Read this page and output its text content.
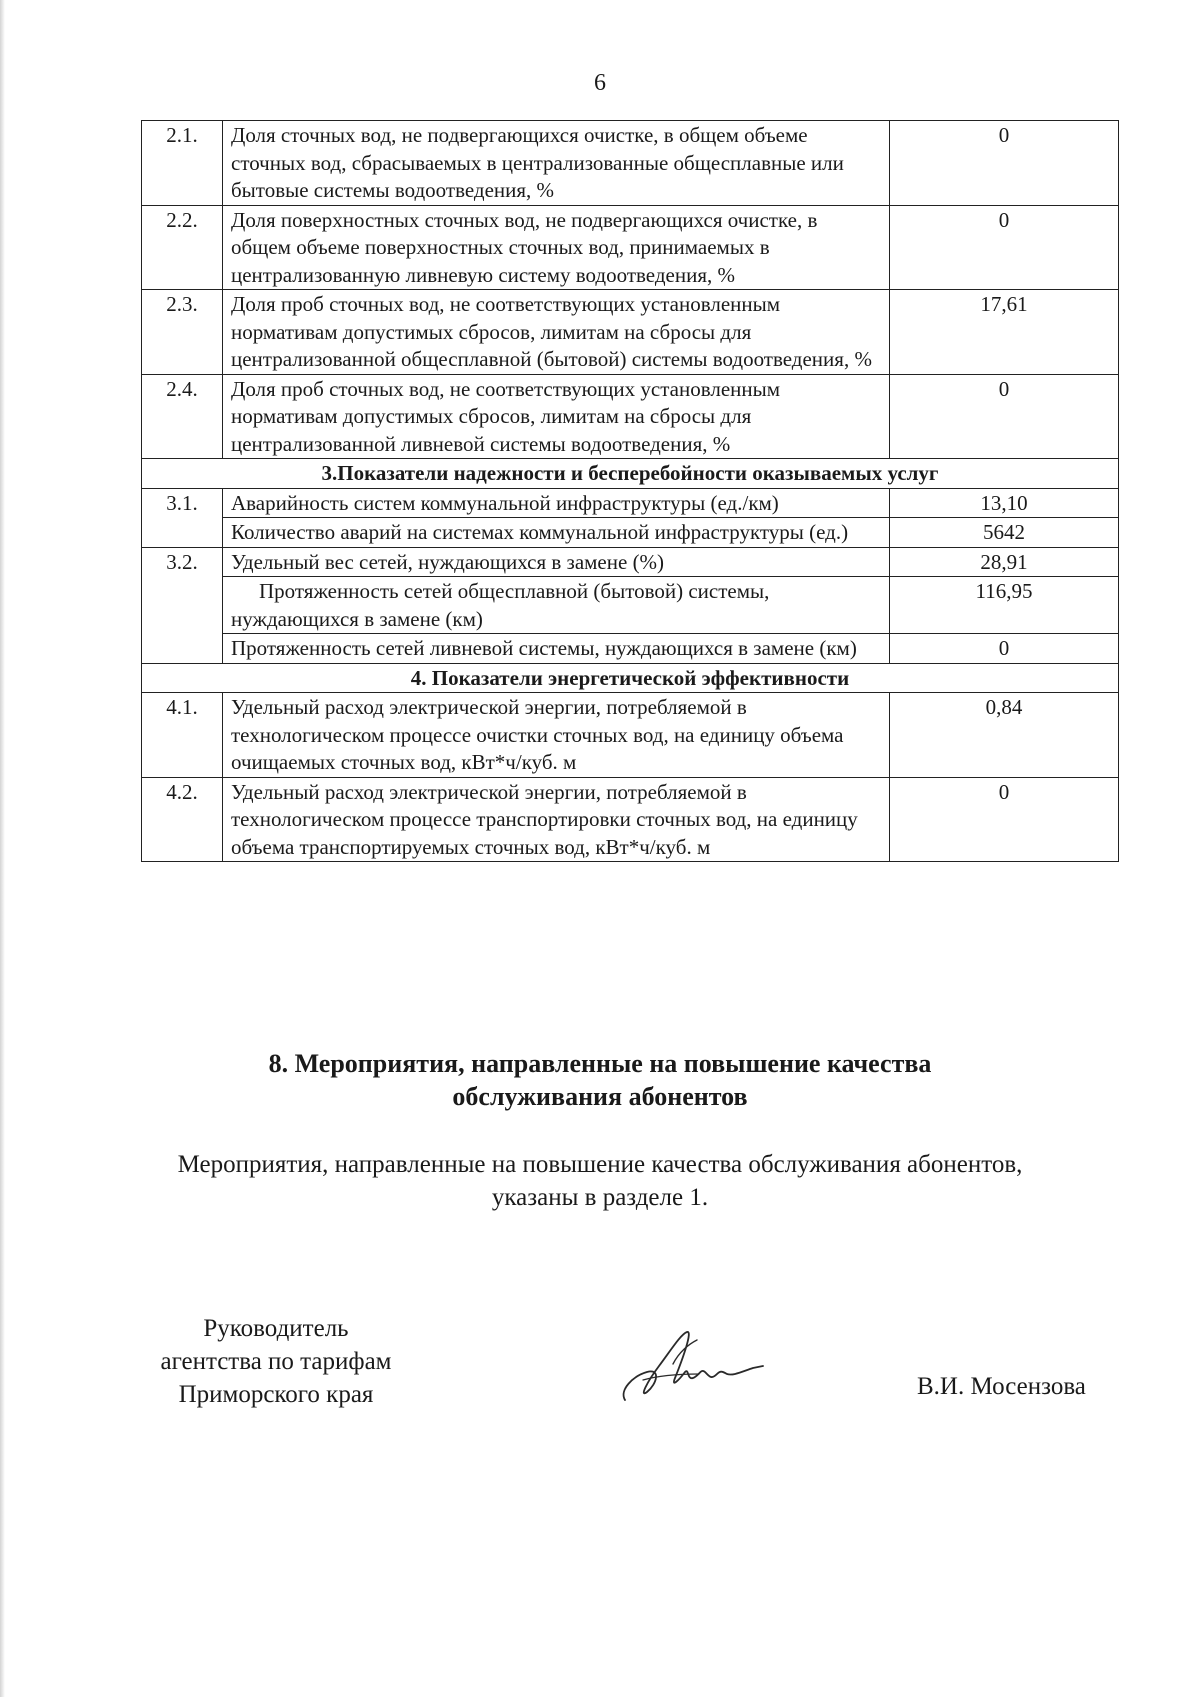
6
2.1.	Доля сточных вод, не подвергающихся очистке, в общем объеме сточных вод, сбрасываемых в централизованные общесплавные или бытовые системы водоотведения, %	0
2.2.	Доля поверхностных сточных вод, не подвергающихся очистке, в общем объеме поверхностных сточных вод, принимаемых в централизованную ливневую систему водоотведения, %	0
2.3.	Доля проб сточных вод, не соответствующих установленным нормативам допустимых сбросов, лимитам на сбросы для централизованной общесплавной (бытовой) системы водоотведения, %	17,61
2.4.	Доля проб сточных вод, не соответствующих установленным нормативам допустимых сбросов, лимитам на сбросы для централизованной ливневой системы водоотведения, %	0
3.Показатели надежности и бесперебойности оказываемых услуг		
3.1.	Аварийность систем коммунальной инфраструктуры (ед./км)	13,10
	Количество аварий на системах коммунальной инфраструктуры (ед.)	5642
3.2.	Удельный вес сетей, нуждающихся в замене (%)	28,91
	Протяженность сетей общесплавной (бытовой) системы, нуждающихся в замене (км)	116,95
	Протяженность сетей ливневой системы, нуждающихся в замене (км)	0
4. Показатели энергетической эффективности		
4.1.	Удельный расход электрической энергии, потребляемой в технологическом процессе очистки сточных вод, на единицу объема очищаемых сточных вод, кВт*ч/куб. м	0,84
4.2.	Удельный расход электрической энергии, потребляемой в технологическом процессе транспортировки сточных вод, на единицу объема транспортируемых сточных вод, кВт*ч/куб. м	0
8. Мероприятия, направленные на повышение качества
обслуживания абонентов
Мероприятия, направленные на повышение качества обслуживания абонентов,
указаны в разделе 1.
Руководитель
агентства по тарифам
Приморского края	В.И. Мосензова
